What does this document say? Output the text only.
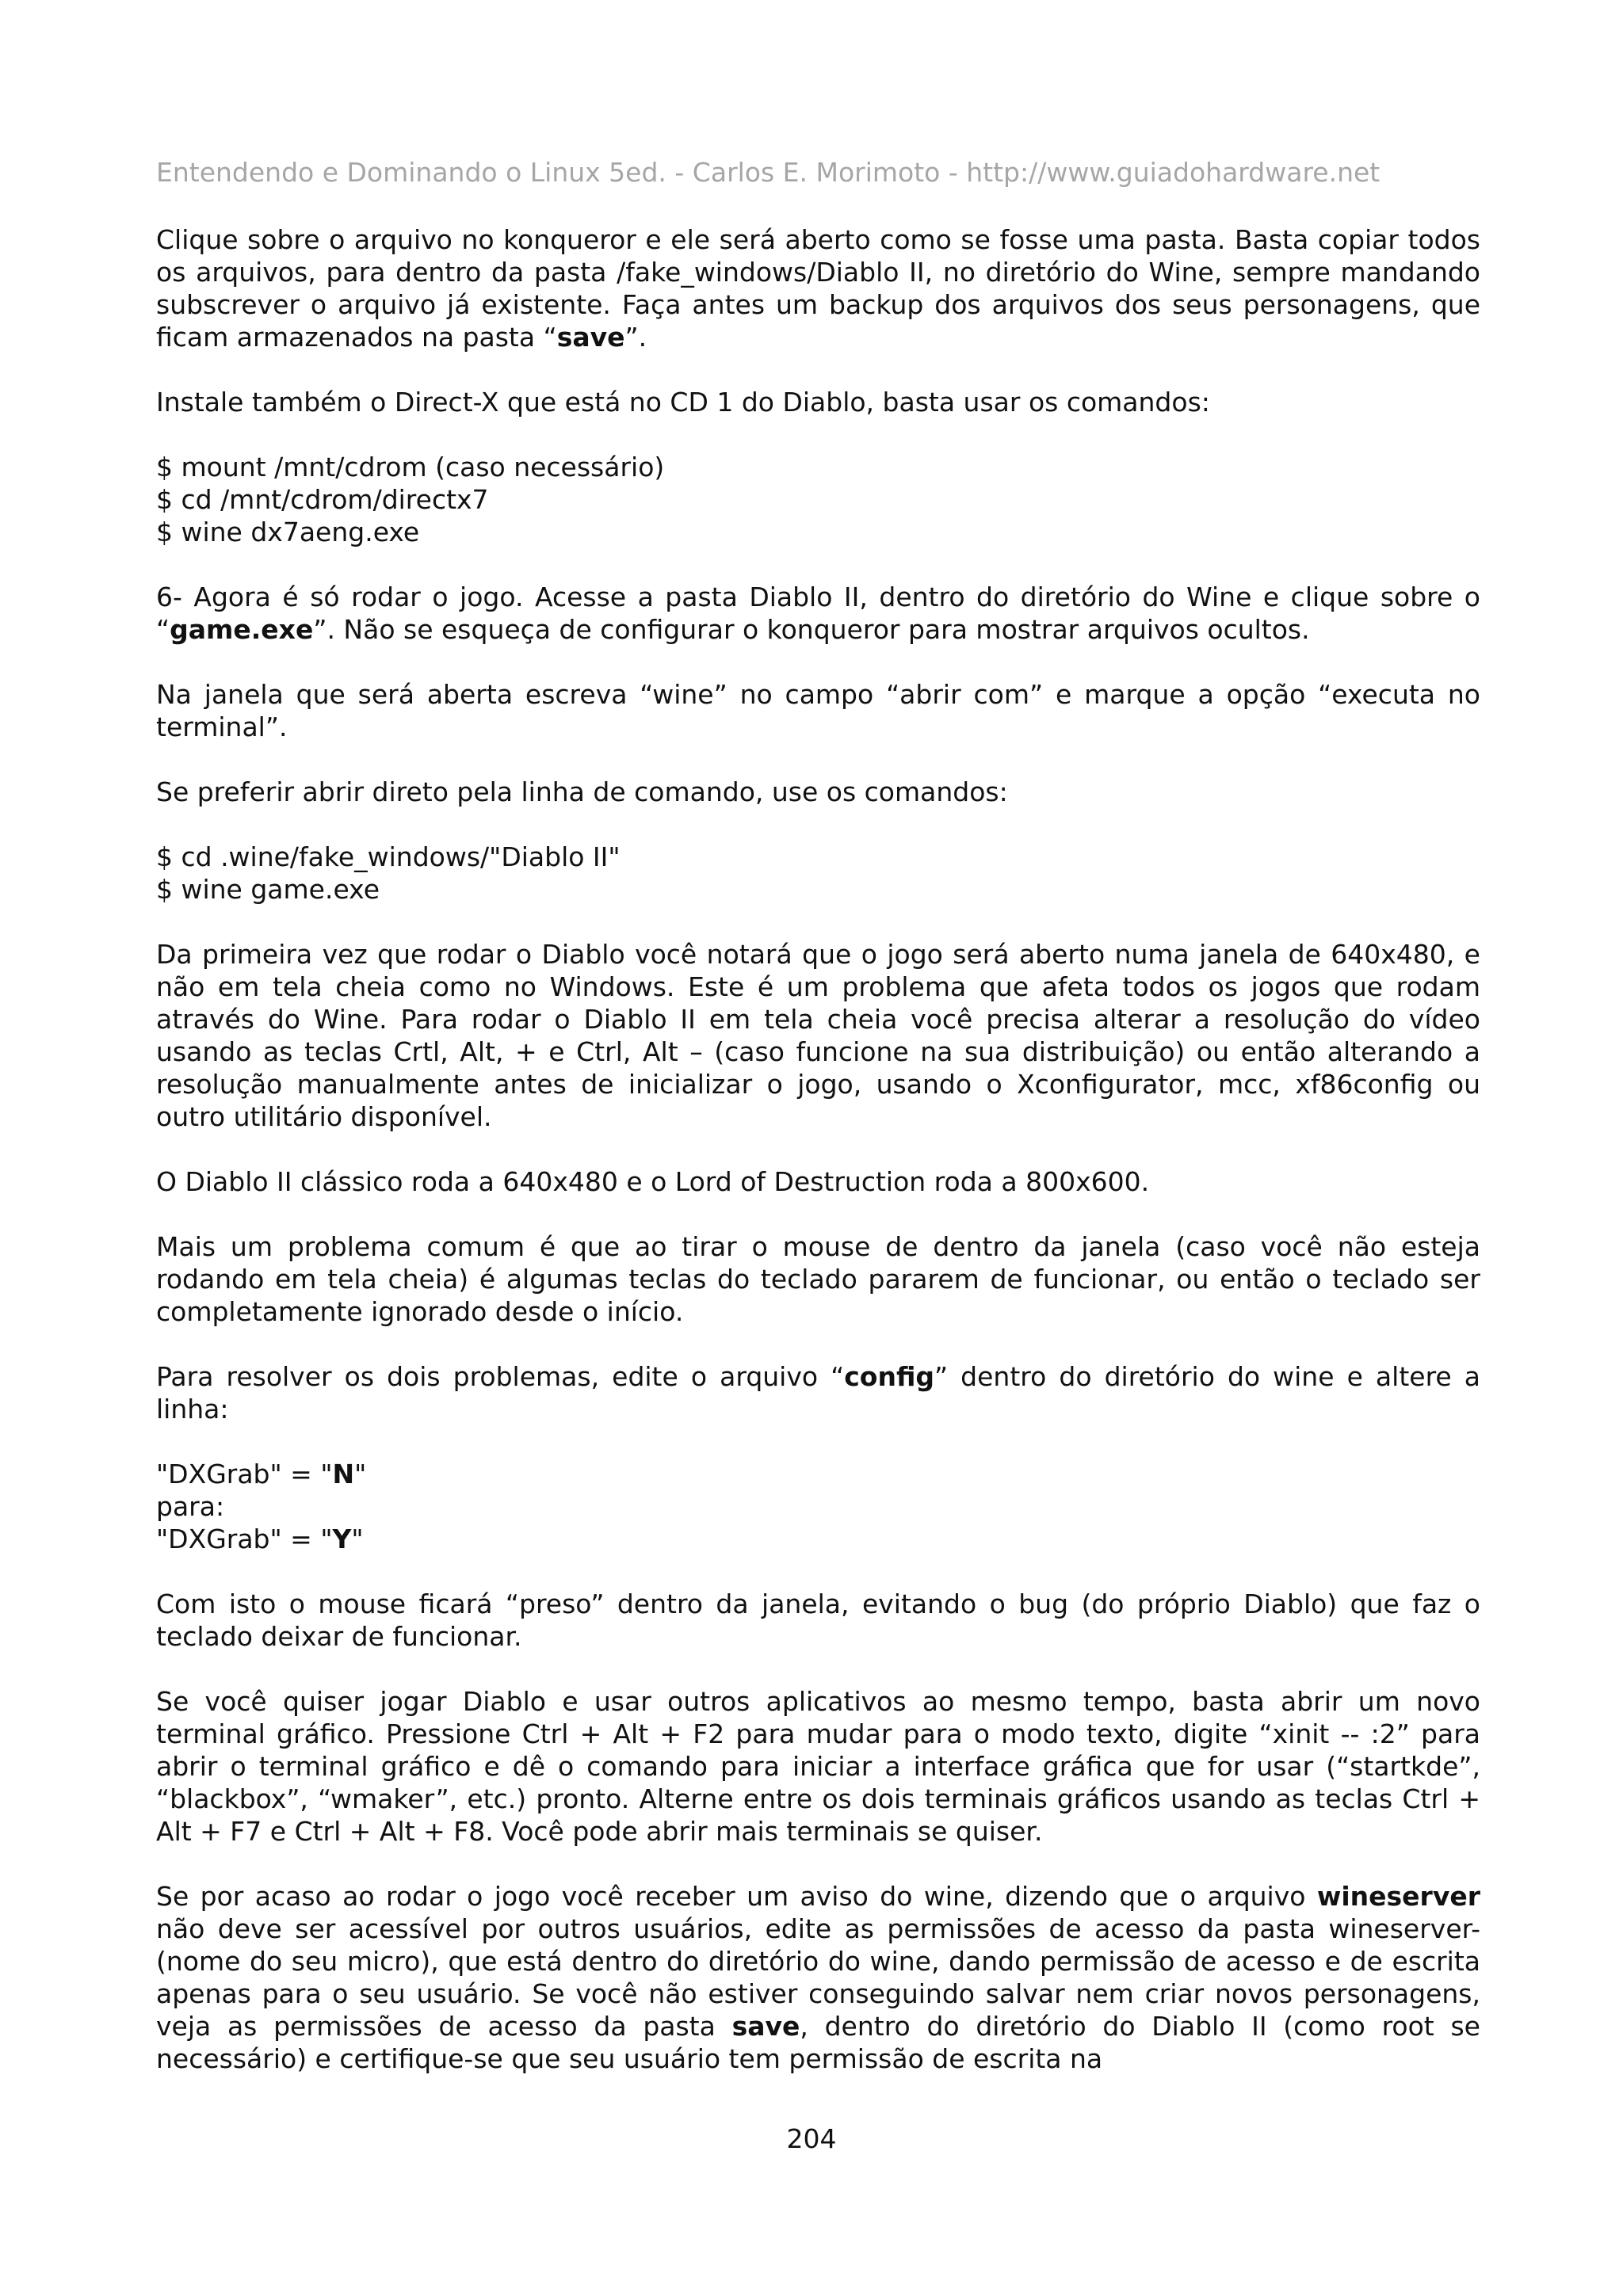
Entendendo e Dominando o Linux 5ed. - Carlos E. Morimoto - http://www.guiadohardware.net

Clique sobre o arquivo no konqueror e ele será aberto como se fosse uma pasta. Basta copiar todos os arquivos, para dentro da pasta /fake_windows/Diablo II, no diretório do Wine, sempre mandando subscrever o arquivo já existente. Faça antes um backup dos arquivos dos seus personagens, que ficam armazenados na pasta “save”.

Instale também o Direct-X que está no CD 1 do Diablo, basta usar os comandos:

$ mount /mnt/cdrom (caso necessário)
$ cd /mnt/cdrom/directx7
$ wine dx7aeng.exe

6- Agora é só rodar o jogo. Acesse a pasta Diablo II, dentro do diretório do Wine e clique sobre o “game.exe”. Não se esqueça de configurar o konqueror para mostrar arquivos ocultos.

Na janela que será aberta escreva “wine” no campo “abrir com” e marque a opção “executa no terminal”.

Se preferir abrir direto pela linha de comando, use os comandos:

$ cd .wine/fake_windows/"Diablo II"
$ wine game.exe

Da primeira vez que rodar o Diablo você notará que o jogo será aberto numa janela de 640x480, e não em tela cheia como no Windows. Este é um problema que afeta todos os jogos que rodam através do Wine. Para rodar o Diablo II em tela cheia você precisa alterar a resolução do vídeo usando as teclas Crtl, Alt, + e Ctrl, Alt – (caso funcione na sua distribuição) ou então alterando a resolução manualmente antes de inicializar o jogo, usando o Xconfigurator, mcc, xf86config ou outro utilitário disponível.

O Diablo II clássico roda a 640x480 e o Lord of Destruction roda a 800x600.

Mais um problema comum é que ao tirar o mouse de dentro da janela (caso você não esteja rodando em tela cheia) é algumas teclas do teclado pararem de funcionar, ou então o teclado ser completamente ignorado desde o início.

Para resolver os dois problemas, edite o arquivo “config” dentro do diretório do wine e altere a linha:

"DXGrab" = "N"
para:
"DXGrab" = "Y"

Com isto o mouse ficará “preso” dentro da janela, evitando o bug (do próprio Diablo) que faz o teclado deixar de funcionar.

Se você quiser jogar Diablo e usar outros aplicativos ao mesmo tempo, basta abrir um novo terminal gráfico. Pressione Ctrl + Alt + F2 para mudar para o modo texto, digite “xinit -- :2” para abrir o terminal gráfico e dê o comando para iniciar a interface gráfica que for usar (“startkde”, “blackbox”, “wmaker”, etc.) pronto. Alterne entre os dois terminais gráficos usando as teclas Ctrl + Alt + F7 e Ctrl + Alt + F8. Você pode abrir mais terminais se quiser.

Se por acaso ao rodar o jogo você receber um aviso do wine, dizendo que o arquivo wineserver não deve ser acessível por outros usuários, edite as permissões de acesso da pasta wineserver-(nome do seu micro), que está dentro do diretório do wine, dando permissão de acesso e de escrita apenas para o seu usuário. Se você não estiver conseguindo salvar nem criar novos personagens, veja as permissões de acesso da pasta save, dentro do diretório do Diablo II (como root se necessário) e certifique-se que seu usuário tem permissão de escrita na

204
